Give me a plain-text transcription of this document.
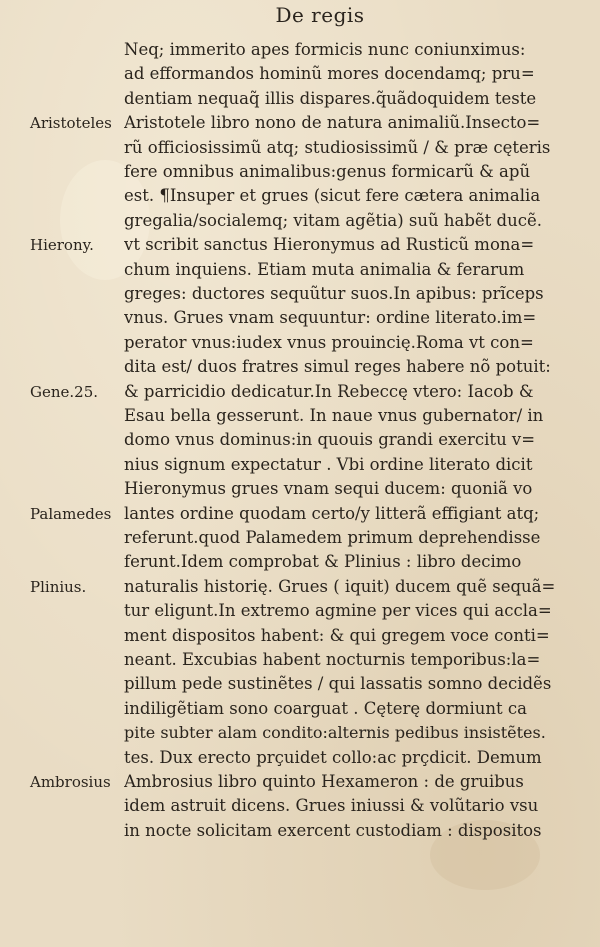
De regis
Neq; immerito apes formicis nunc coniunximus:
ad efformandos hominũ mores docendamq; pru=
dentiam nequaq̃ illis dispares.q̃uãdoquidem teste
Aristotele libro nono de natura animaliũ.Insecto=
rũ officiosissimũ atq; studiosissimũ / & præ cęteris
fere omnibus animalibus:genus formicarũ & apũ
est. ¶Insuper et grues (sicut fere cætera animalia
gregalia/socialemq; vitam agẽtia) suũ habẽt ducẽ.
vt scribit sanctus Hieronymus ad Rusticũ mona=
chum inquiens. Etiam muta animalia & ferarum
greges: ductores sequũtur suos.In apibus: prĩceps
vnus. Grues vnam sequuntur: ordine literato.im=
perator vnus:iudex vnus prouincię.Roma vt con=
dita est/ duos fratres simul reges habere nõ potuit:
& parricidio dedicatur.In Rebeccę vtero: Iacob &
Esau bella gesserunt. In naue vnus gubernator/ in
domo vnus dominus:in quouis grandi exercitu v=
nius signum expectatur . Vbi ordine literato dicit
Hieronymus grues vnam sequi ducem: quoniã vo
lantes ordine quodam certo/y litterã effigiant atq;
referunt.quod Palamedem primum deprehendisse
ferunt.Idem comprobat & Plinius : libro decimo
naturalis historię. Grues ( iquit) ducem quẽ sequã=
tur eligunt.In extremo agmine per vices qui accla=
ment dispositos habent: & qui gregem voce conti=
neant. Excubias habent nocturnis temporibus:la=
pillum pede sustinẽtes / qui lassatis somno decidẽs
indiligẽtiam sono coarguat . Cęterę dormiunt ca
pite subter alam condito:alternis pedibus insistẽtes.
tes. Dux erecto prçuidet collo:ac prçdicit. Demum
Ambrosius libro quinto Hexameron : de gruibus
idem astruit dicens. Grues iniussi & volũtario vsu
in nocte solicitam exercent custodiam : dispositos
Aristoteles
Hierony.
Gene.25.
Palamedes
Plinius.
Ambrosius
